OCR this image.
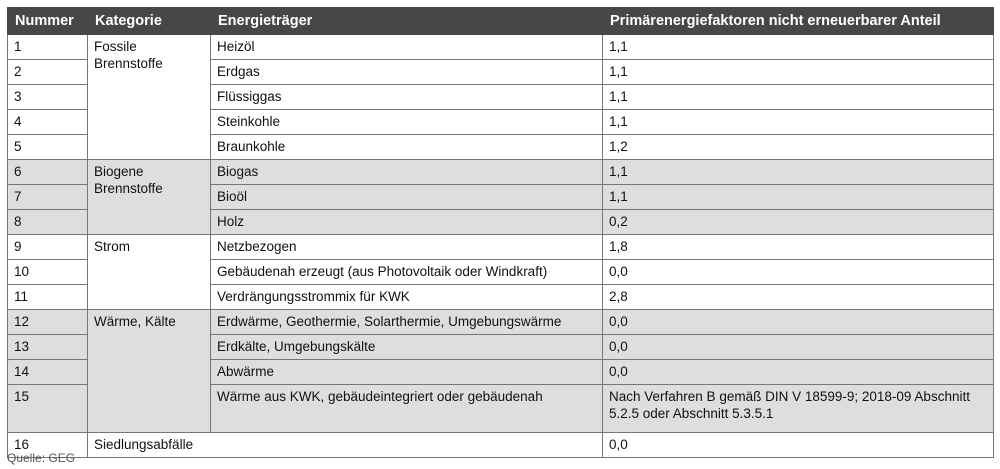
Nummer	Kategorie	Energieträger	Primärenergiefaktoren nicht erneuerbarer Anteil
1	Fossile Brennstoffe	Heizöl	1,1
2		Erdgas	1,1
3		Flüssiggas	1,1
4		Steinkohle	1,1
5		Braunkohle	1,2
6	Biogene Brennstoffe	Biogas	1,1
7		Bioöl	1,1
8		Holz	0,2
9	Strom	Netzbezogen	1,8
10		Gebäudenah erzeugt (aus Photovoltaik oder Windkraft)	0,0
11		Verdrängungsstrommix für KWK	2,8
12	Wärme, Kälte	Erdwärme, Geothermie, Solarthermie, Umgebungswärme	0,0
13		Erdkälte, Umgebungskälte	0,0
14		Abwärme	0,0
15		Wärme aus KWK, gebäudeintegriert oder gebäudenah	Nach Verfahren B gemäß DIN V 18599-9; 2018-09 Abschnitt 5.2.5 oder Abschnitt 5.3.5.1
16	Siedlungsabfälle		0,0
Quelle: GEG
